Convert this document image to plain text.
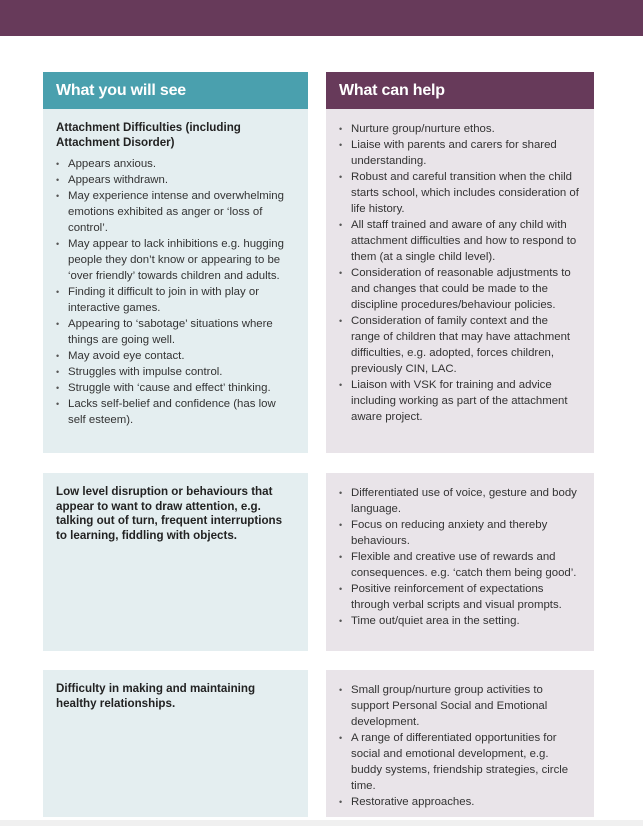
What you will see	What can help
Attachment Difficulties (including Attachment Disorder)
• Appears anxious.
• Appears withdrawn.
• May experience intense and overwhelming emotions exhibited as anger or ‘loss of control’.
• May appear to lack inhibitions e.g. hugging people they don’t know or appearing to be ‘over friendly’ towards children and adults.
• Finding it difficult to join in with play or interactive games.
• Appearing to ‘sabotage’ situations where things are going well.
• May avoid eye contact.
• Struggles with impulse control.
• Struggle with ‘cause and effect’ thinking.
• Lacks self-belief and confidence (has low self esteem).
• Nurture group/nurture ethos.
• Liaise with parents and carers for shared understanding.
• Robust and careful transition when the child starts school, which includes consideration of life history.
• All staff trained and aware of any child with attachment difficulties and how to respond to them (at a single child level).
• Consideration of reasonable adjustments to and changes that could be made to the discipline procedures/behaviour policies.
• Consideration of family context and the range of children that may have attachment difficulties, e.g. adopted, forces children, previously CIN, LAC.
• Liaison with VSK for training and advice including working as part of the attachment aware project.
Low level disruption or behaviours that appear to want to draw attention, e.g. talking out of turn, frequent interruptions to learning, fiddling with objects.
• Differentiated use of voice, gesture and body language.
• Focus on reducing anxiety and thereby behaviours.
• Flexible and creative use of rewards and consequences. e.g. ‘catch them being good’.
• Positive reinforcement of expectations through verbal scripts and visual prompts.
• Time out/quiet area in the setting.
Difficulty in making and maintaining healthy relationships.
• Small group/nurture group activities to support Personal Social and Emotional development.
• A range of differentiated opportunities for social and emotional development, e.g. buddy systems, friendship strategies, circle time.
• Restorative approaches.
